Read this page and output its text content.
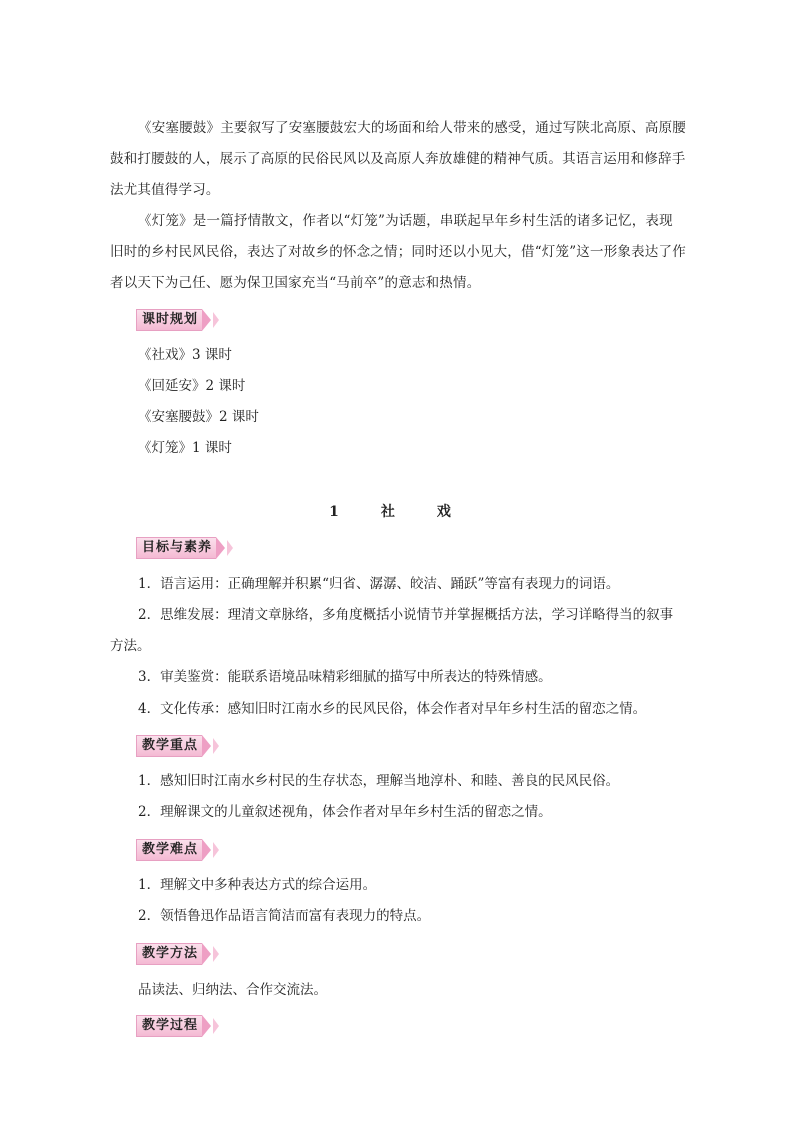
《安塞腰鼓》主要叙写了安塞腰鼓宏大的场面和给人带来的感受，通过写陕北高原、高原腰鼓和打腰鼓的人，展示了高原的民俗民风以及高原人奔放雄健的精神气质。其语言运用和修辞手法尤其值得学习。

《灯笼》是一篇抒情散文，作者以“灯笼”为话题，串联起早年乡村生活的诸多记忆，表现旧时的乡村民风民俗，表达了对故乡的怀念之情；同时还以小见大，借“灯笼”这一形象表达了作者以天下为己任、愿为保卫国家充当“马前卒”的意志和热情。

课时规划

《社戏》3 课时

《回延安》2 课时

《安塞腰鼓》2 课时

《灯笼》1 课时

1　社　戏

目标与素养

1．语言运用：正确理解并积累“归省、潺潺、皎洁、踊跃”等富有表现力的词语。

2．思维发展：理清文章脉络，多角度概括小说情节并掌握概括方法，学习详略得当的叙事方法。

3．审美鉴赏：能联系语境品味精彩细腻的描写中所表达的特殊情感。

4．文化传承：感知旧时江南水乡的民风民俗，体会作者对早年乡村生活的留恋之情。

教学重点

1．感知旧时江南水乡村民的生存状态，理解当地淳朴、和睦、善良的民风民俗。

2．理解课文的儿童叙述视角，体会作者对早年乡村生活的留恋之情。

教学难点

1．理解文中多种表达方式的综合运用。

2．领悟鲁迅作品语言简洁而富有表现力的特点。

教学方法

品读法、归纳法、合作交流法。

教学过程
